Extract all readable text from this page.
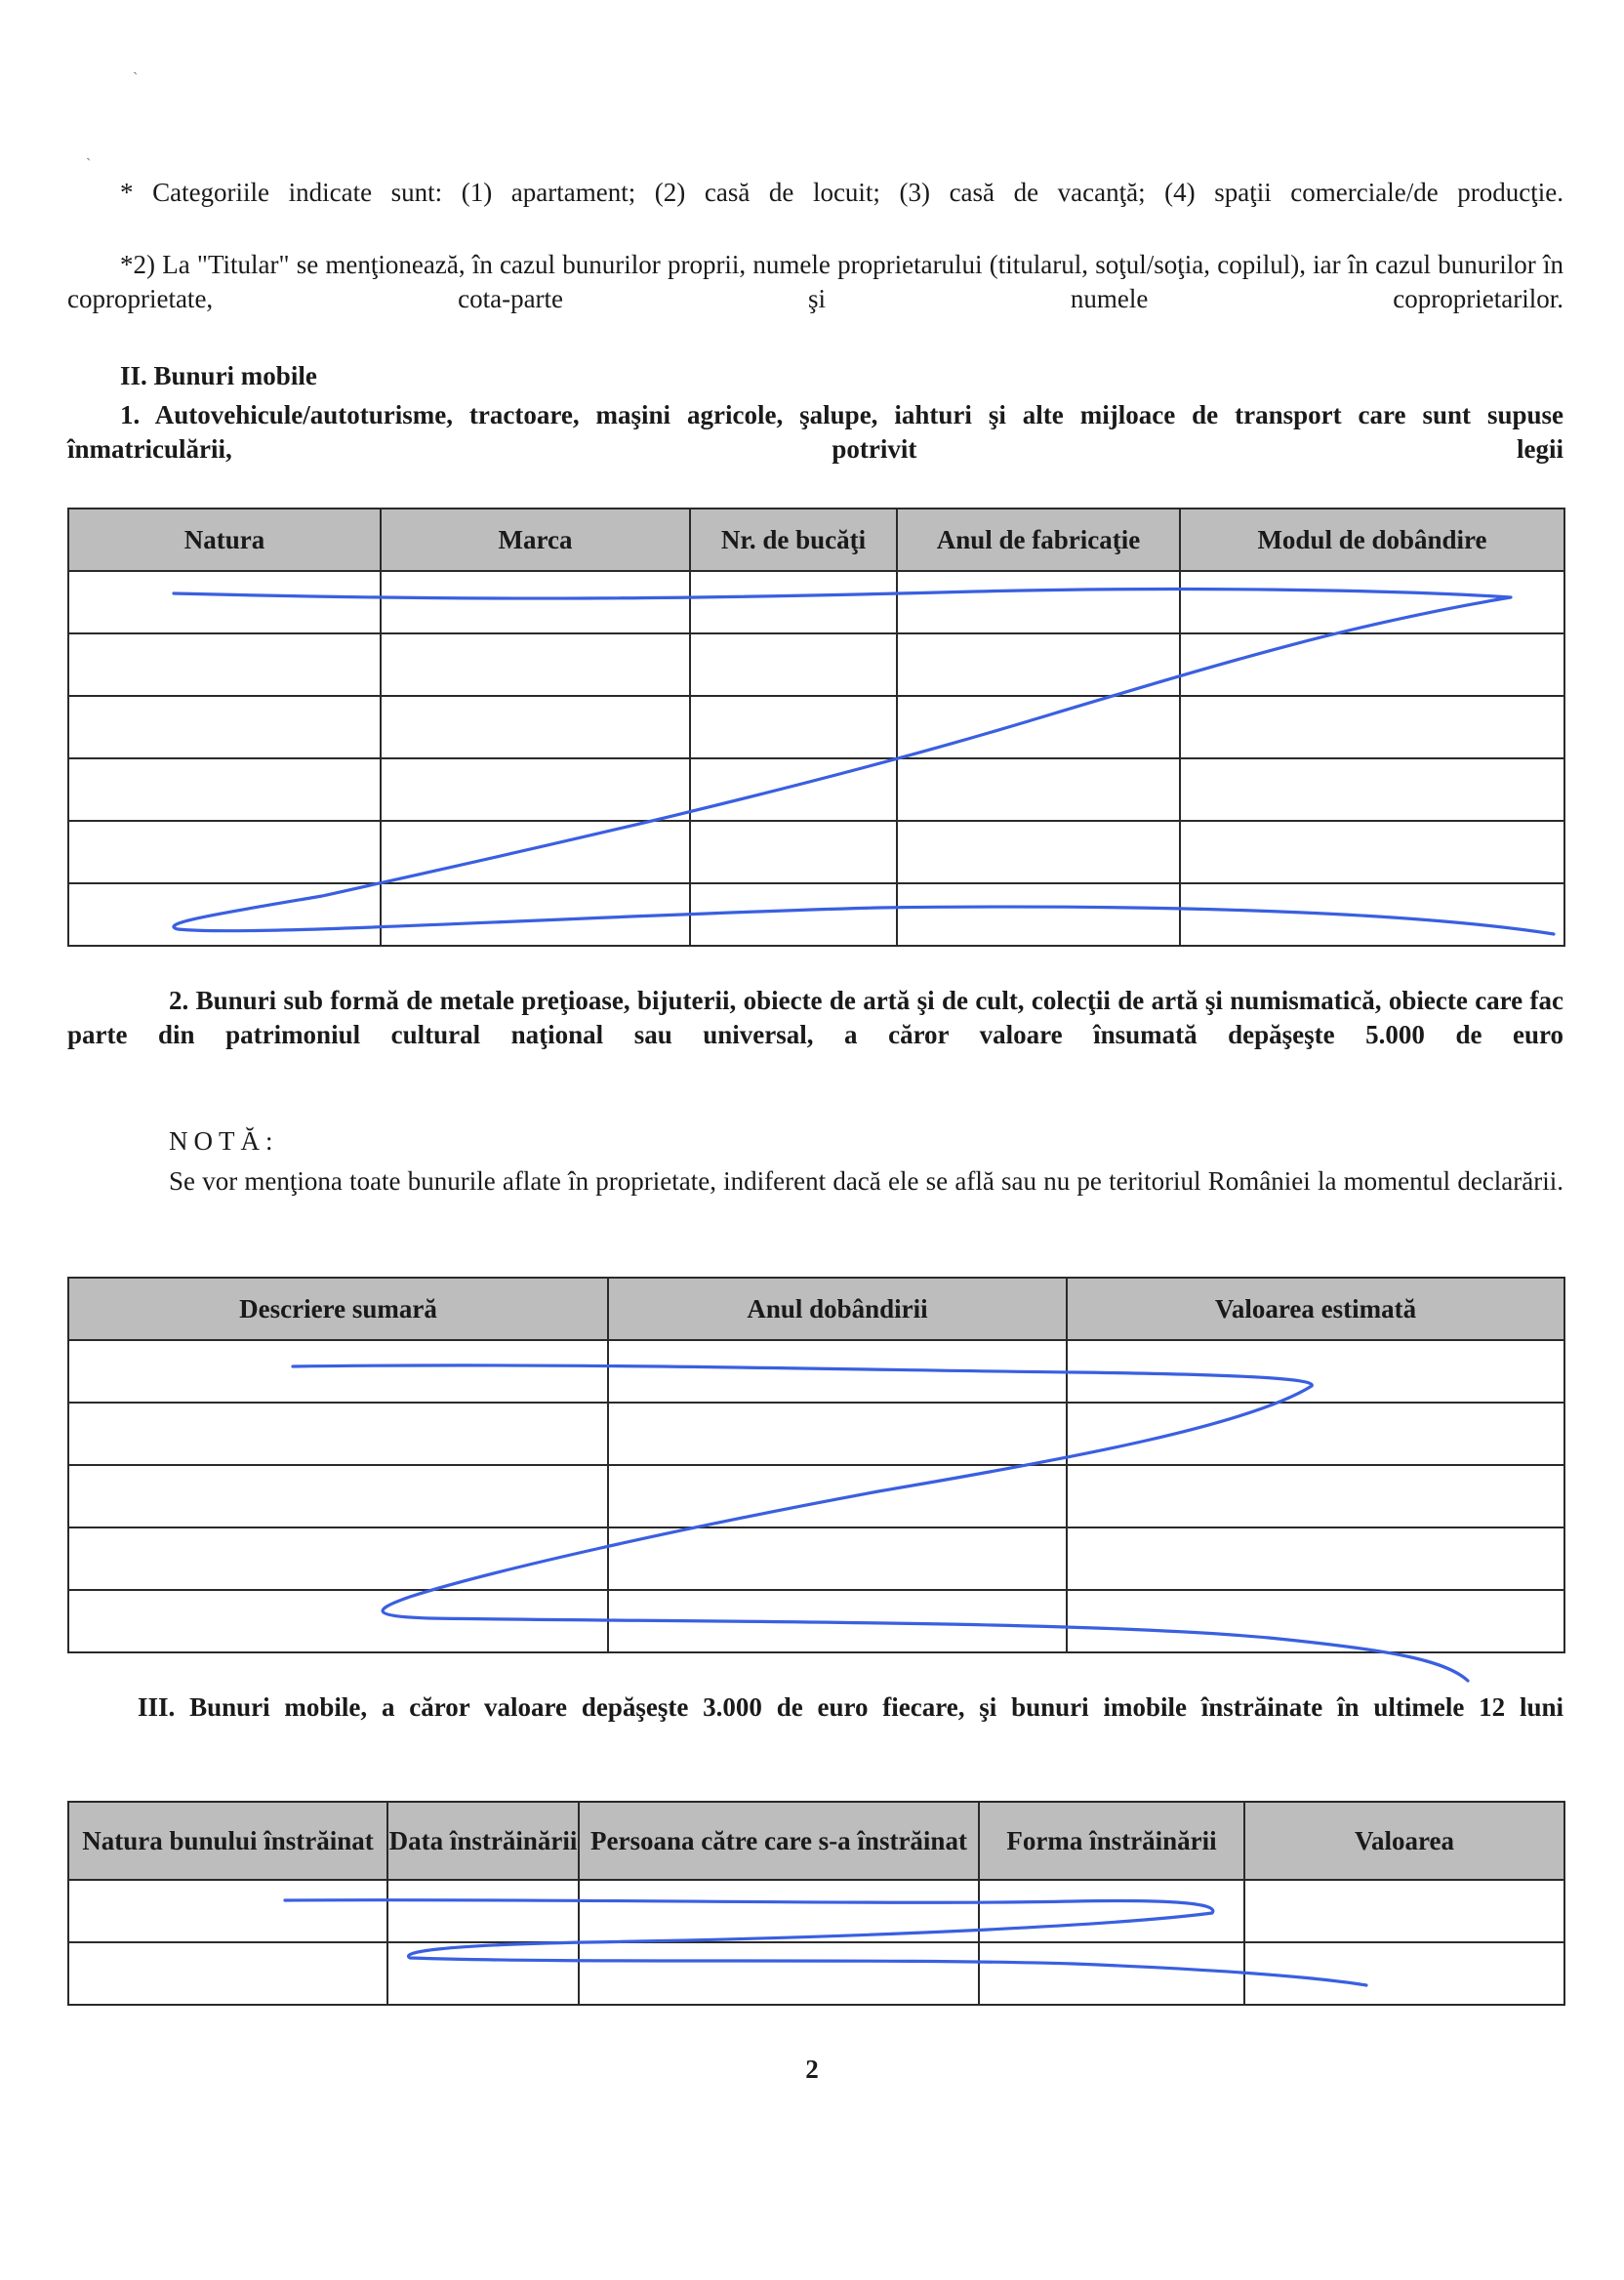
`
`

* Categoriile indicate sunt: (1) apartament; (2) casă de locuit; (3) casă de vacanţă; (4) spaţii comerciale/de producţie.

*2) La "Titular" se menţionează, în cazul bunurilor proprii, numele proprietarului (titularul, soţul/soţia, copilul), iar în cazul bunurilor în coproprietate, cota-parte şi numele coproprietarilor.

II. Bunuri mobile

1. Autovehicule/autoturisme, tractoare, maşini agricole, şalupe, iahturi şi alte mijloace de transport care sunt supuse înmatriculării, potrivit legii

Natura	Marca	Nr. de bucăţi	Anul de fabricaţie	Modul de dobândire

2. Bunuri sub formă de metale preţioase, bijuterii, obiecte de artă şi de cult, colecţii de artă şi numismatică, obiecte care fac parte din patrimoniul cultural naţional sau universal, a căror valoare însumată depăşeşte 5.000 de euro

NOTĂ:

Se vor menţiona toate bunurile aflate în proprietate, indiferent dacă ele se află sau nu pe teritoriul României la momentul declarării.

Descriere sumară	Anul dobândirii	Valoarea estimată

III. Bunuri mobile, a căror valoare depăşeşte 3.000 de euro fiecare, şi bunuri imobile înstrăinate în ultimele 12 luni

Natura bunului înstrăinat	Data înstrăinării	Persoana către care s-a înstrăinat	Forma înstrăinării	Valoarea

2
